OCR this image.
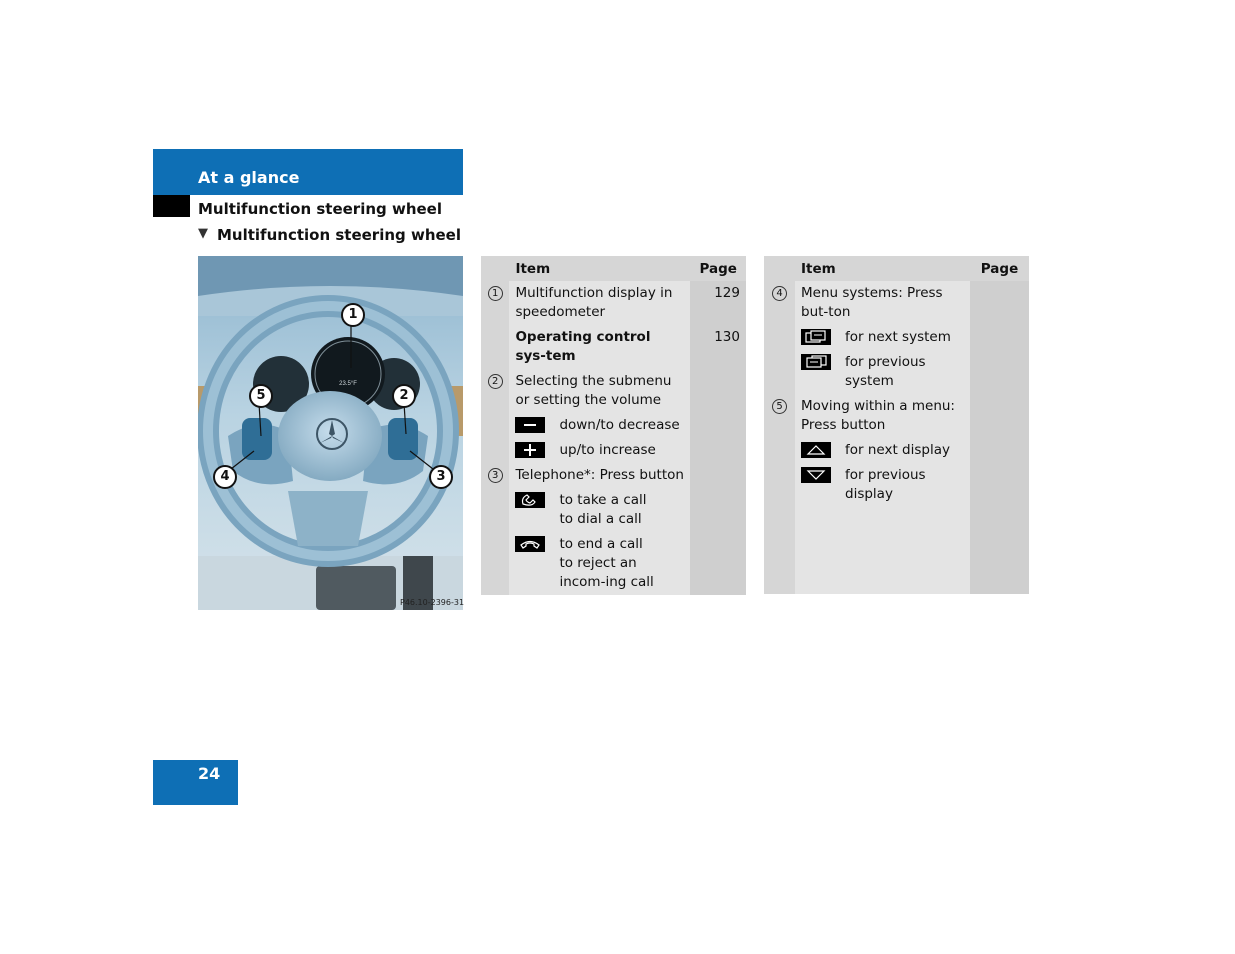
At a glance
Multifunction steering wheel
▼ Multifunction steering wheel
23.5°F
1
2
3
4
5
P46.10-2396-31
	Item	Page
1	Multifunction display in speedometer	129

	Operating control sys-tem	130

2	Selecting the submenu or setting the volume	

	down/to decrease	

	up/to increase	

3	Telephone*: Press button	

	to take a call
to dial a call	

	to end a call
to reject an incom-ing call	

	Item	Page
4	Menu systems: Press but-ton	

	for next system	

	for previous system	

5	Moving within a menu: Press button	

	for next display	

	for previous display	

24
